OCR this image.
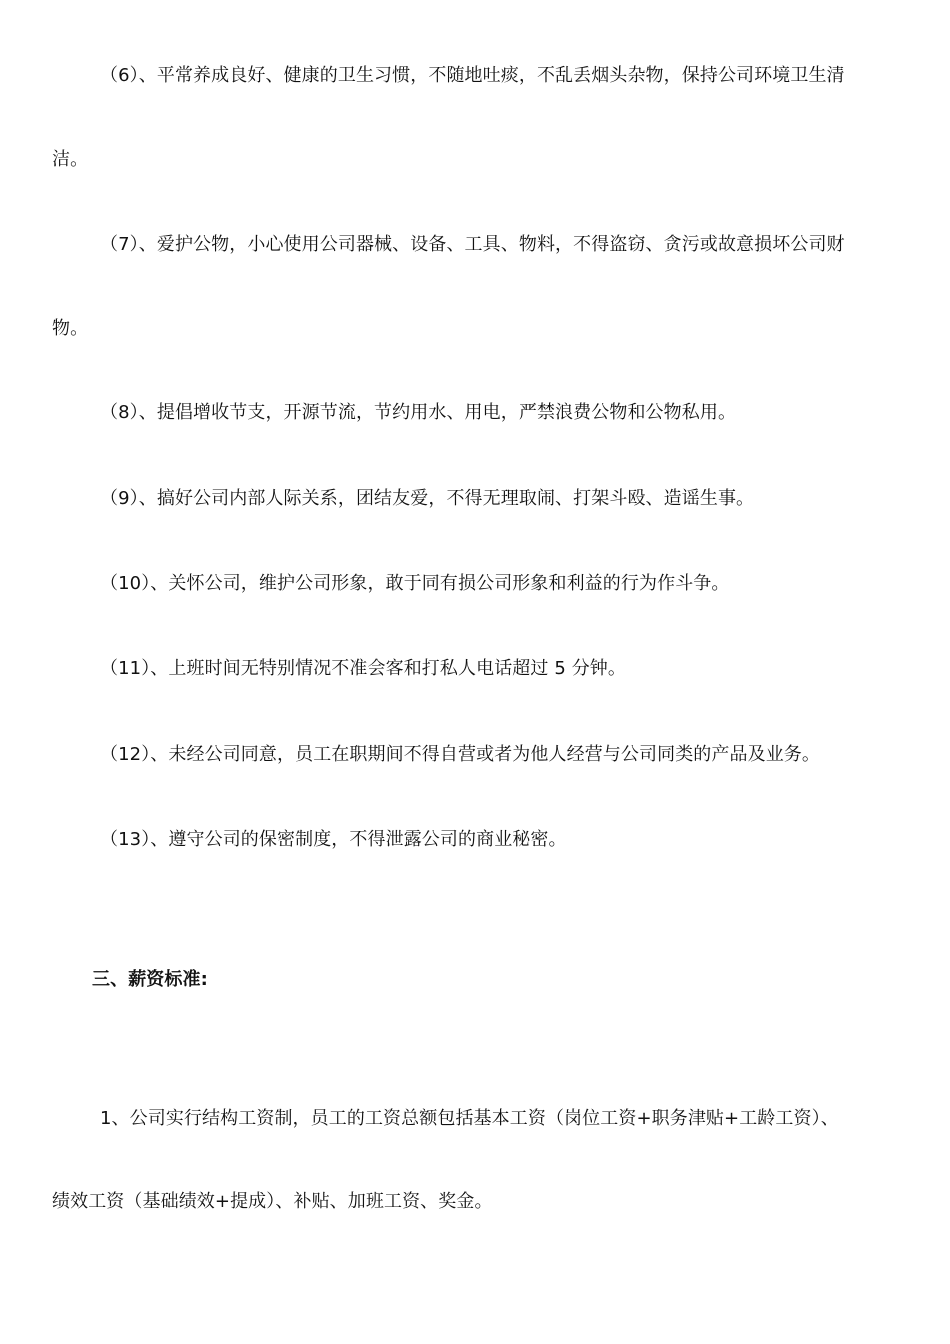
（6）、平常养成良好、健康的卫生习惯，不随地吐痰，不乱丢烟头杂物，保持公司环境卫生清
洁。
（7）、爱护公物，小心使用公司器械、设备、工具、物料，不得盗窃、贪污或故意损坏公司财
物。
（8）、提倡增收节支，开源节流，节约用水、用电，严禁浪费公物和公物私用。
（9）、搞好公司内部人际关系，团结友爱，不得无理取闹、打架斗殴、造谣生事。
（10）、关怀公司，维护公司形象，敢于同有损公司形象和利益的行为作斗争。
（11）、上班时间无特别情况不准会客和打私人电话超过 5 分钟。
（12）、未经公司同意，员工在职期间不得自营或者为他人经营与公司同类的产品及业务。
（13）、遵守公司的保密制度，不得泄露公司的商业秘密。
三、薪资标准:
1、公司实行结构工资制，员工的工资总额包括基本工资（岗位工资+职务津贴+工龄工资）、
绩效工资（基础绩效+提成）、补贴、加班工资、奖金。
